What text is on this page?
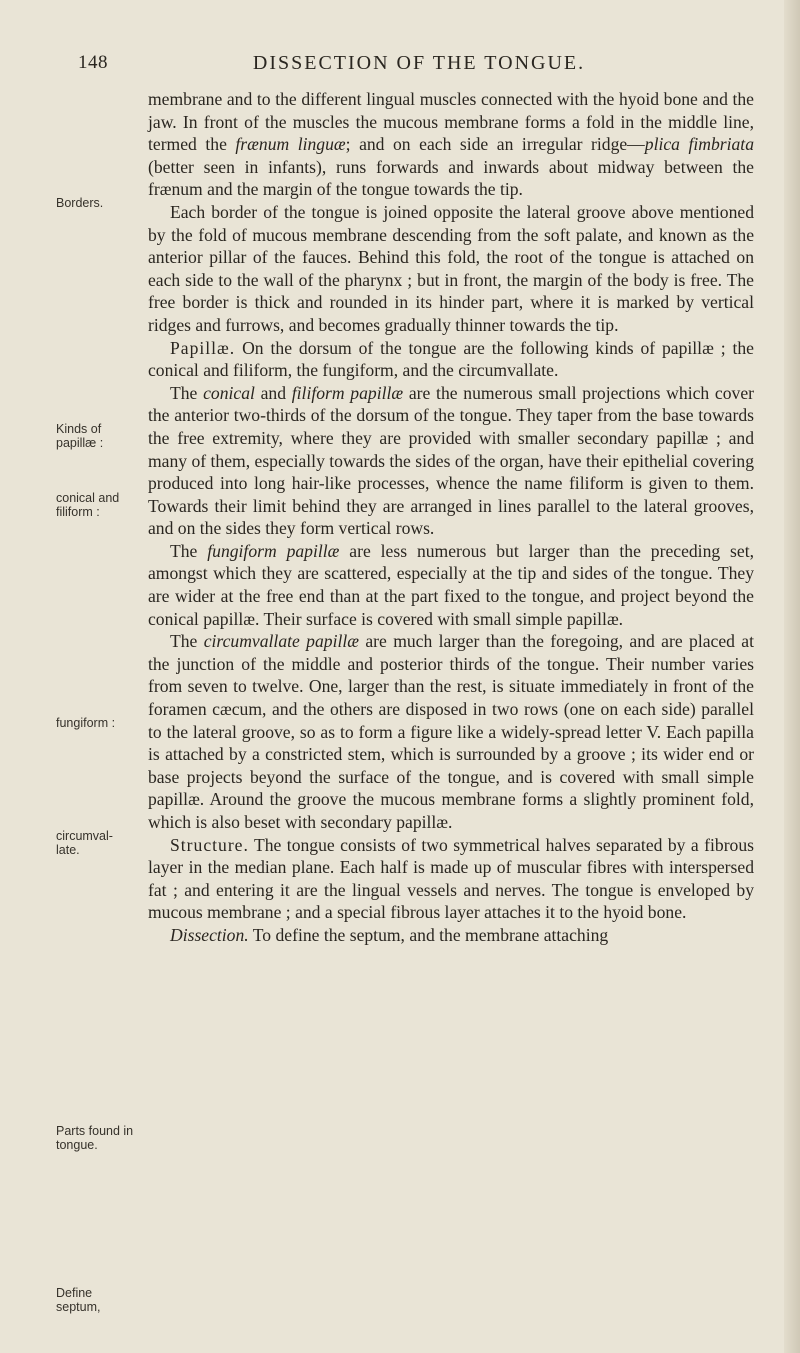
148	DISSECTION OF THE TONGUE.
Borders.
Kinds of papillæ :
conical and filiform :
fungiform :
circumval-late.
Parts found in tongue.
Define septum,

membrane and to the different lingual muscles connected with the hyoid bone and the jaw. In front of the muscles the mucous membrane forms a fold in the middle line, termed the frænum linguæ; and on each side an irregular ridge—plica fimbriata (better seen in infants), runs forwards and inwards about midway between the frænum and the margin of the tongue towards the tip.

Each border of the tongue is joined opposite the lateral groove above mentioned by the fold of mucous membrane descending from the soft palate, and known as the anterior pillar of the fauces. Behind this fold, the root of the tongue is attached on each side to the wall of the pharynx ; but in front, the margin of the body is free. The free border is thick and rounded in its hinder part, where it is marked by vertical ridges and furrows, and becomes gradually thinner towards the tip.

Papillæ. On the dorsum of the tongue are the following kinds of papillæ ; the conical and filiform, the fungiform, and the circumvallate.

The conical and filiform papillæ are the numerous small projections which cover the anterior two-thirds of the dorsum of the tongue. They taper from the base towards the free extremity, where they are provided with smaller secondary papillæ ; and many of them, especially towards the sides of the organ, have their epithelial covering produced into long hair-like processes, whence the name filiform is given to them. Towards their limit behind they are arranged in lines parallel to the lateral grooves, and on the sides they form vertical rows.

The fungiform papillæ are less numerous but larger than the preceding set, amongst which they are scattered, especially at the tip and sides of the tongue. They are wider at the free end than at the part fixed to the tongue, and project beyond the conical papillæ. Their surface is covered with small simple papillæ.

The circumvallate papillæ are much larger than the foregoing, and are placed at the junction of the middle and posterior thirds of the tongue. Their number varies from seven to twelve. One, larger than the rest, is situate immediately in front of the foramen cæcum, and the others are disposed in two rows (one on each side) parallel to the lateral groove, so as to form a figure like a widely-spread letter V. Each papilla is attached by a constricted stem, which is surrounded by a groove ; its wider end or base projects beyond the surface of the tongue, and is covered with small simple papillæ. Around the groove the mucous membrane forms a slightly prominent fold, which is also beset with secondary papillæ.

Structure. The tongue consists of two symmetrical halves separated by a fibrous layer in the median plane. Each half is made up of muscular fibres with interspersed fat ; and entering it are the lingual vessels and nerves. The tongue is enveloped by mucous membrane ; and a special fibrous layer attaches it to the hyoid bone.

Dissection. To define the septum, and the membrane attaching
